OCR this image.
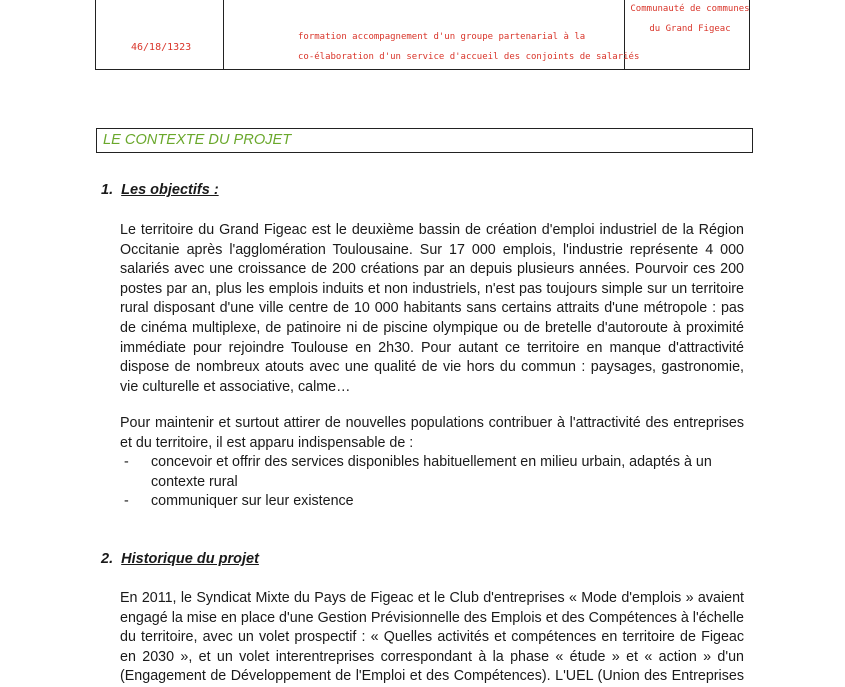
46/18/1323
formation accompagnement d'un groupe partenarial à la
co-élaboration d'un service d'accueil des conjoints de salariés
Communauté de communes
du Grand Figeac
LE CONTEXTE DU PROJET
1. Les objectifs :
Le territoire du Grand Figeac est le deuxième bassin de création d'emploi industriel de la Région
Occitanie après l'agglomération Toulousaine. Sur 17 000 emplois, l'industrie représente 4 000
salariés avec une croissance de 200 créations par an depuis plusieurs années. Pourvoir ces 200
postes par an, plus les emplois induits et non industriels, n'est pas toujours simple sur un territoire
rural disposant d'une ville centre de 10 000 habitants sans certains attraits d'une métropole : pas
de cinéma multiplexe, de patinoire ni de piscine olympique ou de bretelle d'autoroute à proximité
immédiate pour rejoindre Toulouse en 2h30. Pour autant ce territoire en manque d'attractivité
dispose de nombreux atouts avec une qualité de vie hors du commun : paysages, gastronomie,
vie culturelle et associative, calme…
Pour maintenir et surtout attirer de nouvelles populations contribuer à l'attractivité des entreprises
et du territoire, il est apparu indispensable de :
- concevoir et offrir des services disponibles habituellement en milieu urbain, adaptés à un
contexte rural
- communiquer sur leur existence
2. Historique du projet
En 2011, le Syndicat Mixte du Pays de Figeac et le Club d'entreprises « Mode d'emplois » avaient
engagé la mise en place d'une Gestion Prévisionnelle des Emplois et des Compétences à l'échelle
du territoire, avec un volet prospectif : « Quelles activités et compétences en territoire de Figeac
en 2030 », et un volet interentreprises correspondant à la phase « étude » et « action » d'un
(Engagement de Développement de l'Emploi et des Compétences). L'UEL (Union des Entreprises
